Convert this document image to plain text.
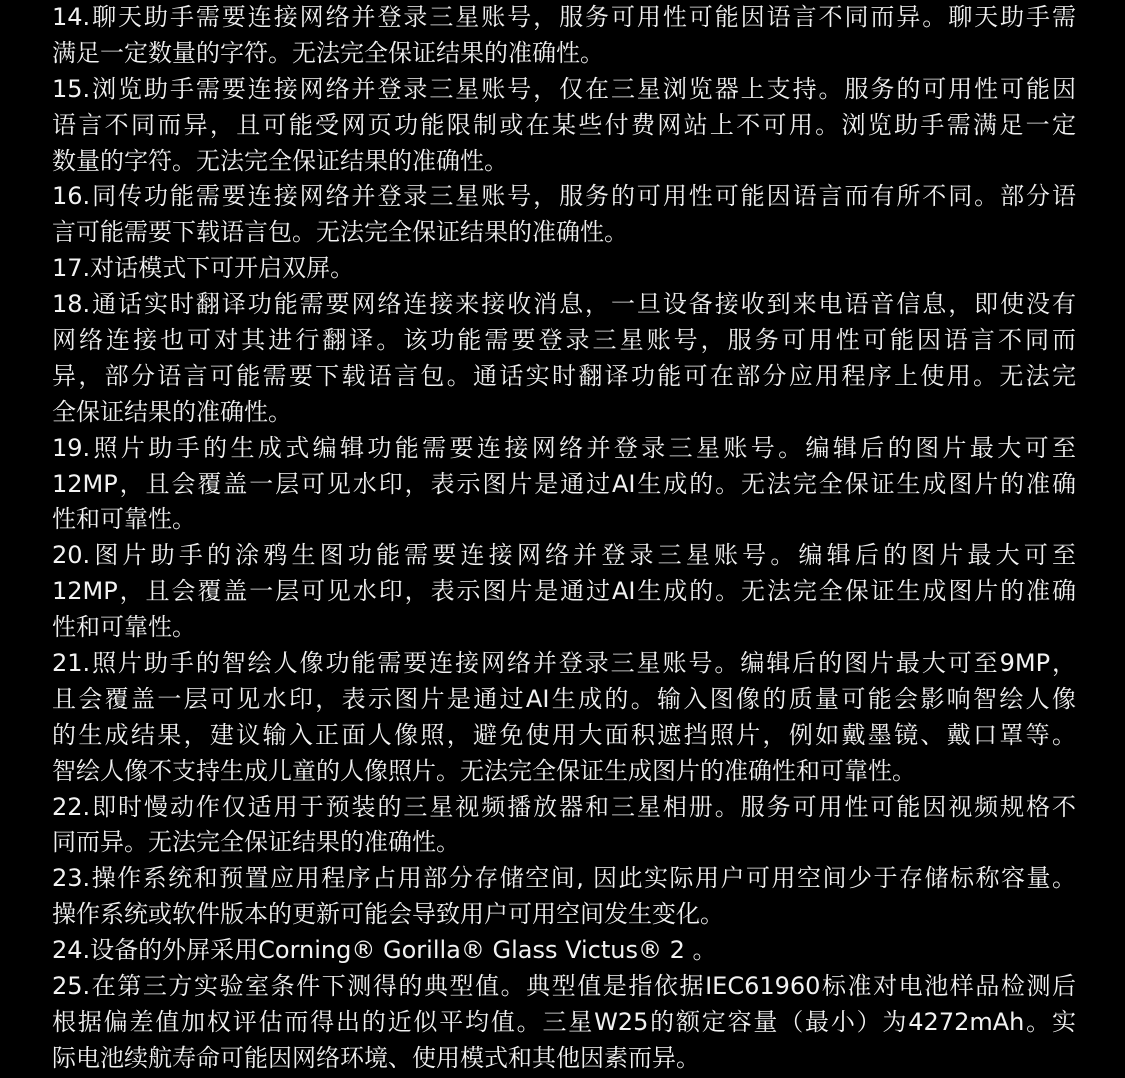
14.聊天助手需要连接网络并登录三星账号，服务可用性可能因语言不同而异。聊天助手需
满足一定数量的字符。无法完全保证结果的准确性。
15.浏览助手需要连接网络并登录三星账号，仅在三星浏览器上支持。服务的可用性可能因
语言不同而异，且可能受网页功能限制或在某些付费网站上不可用。浏览助手需满足一定
数量的字符。无法完全保证结果的准确性。
16.同传功能需要连接网络并登录三星账号，服务的可用性可能因语言而有所不同。部分语
言可能需要下载语言包。无法完全保证结果的准确性。
17.对话模式下可开启双屏。
18.通话实时翻译功能需要网络连接来接收消息，一旦设备接收到来电语音信息，即使没有
网络连接也可对其进行翻译。该功能需要登录三星账号，服务可用性可能因语言不同而
异，部分语言可能需要下载语言包。通话实时翻译功能可在部分应用程序上使用。无法完
全保证结果的准确性。
19.照片助手的生成式编辑功能需要连接网络并登录三星账号。编辑后的图片最大可至
12MP，且会覆盖一层可见水印，表示图片是通过AI生成的。无法完全保证生成图片的准确
性和可靠性。
20.图片助手的涂鸦生图功能需要连接网络并登录三星账号。编辑后的图片最大可至
12MP，且会覆盖一层可见水印，表示图片是通过AI生成的。无法完全保证生成图片的准确
性和可靠性。
21.照片助手的智绘人像功能需要连接网络并登录三星账号。编辑后的图片最大可至9MP，
且会覆盖一层可见水印，表示图片是通过AI生成的。输入图像的质量可能会影响智绘人像
的生成结果，建议输入正面人像照，避免使用大面积遮挡照片，例如戴墨镜、戴口罩等。
智绘人像不支持生成儿童的人像照片。无法完全保证生成图片的准确性和可靠性。
22.即时慢动作仅适用于预装的三星视频播放器和三星相册。服务可用性可能因视频规格不
同而异。无法完全保证结果的准确性。
23.操作系统和预置应用程序占用部分存储空间, 因此实际用户可用空间少于存储标称容量。
操作系统或软件版本的更新可能会导致用户可用空间发生变化。
24.设备的外屏采用Corning® Gorilla® Glass Victus® 2 。
25.在第三方实验室条件下测得的典型值。典型值是指依据IEC61960标准对电池样品检测后
根据偏差值加权评估而得出的近似平均值。三星W25的额定容量（最小）为4272mAh。实
际电池续航寿命可能因网络环境、使用模式和其他因素而异。
